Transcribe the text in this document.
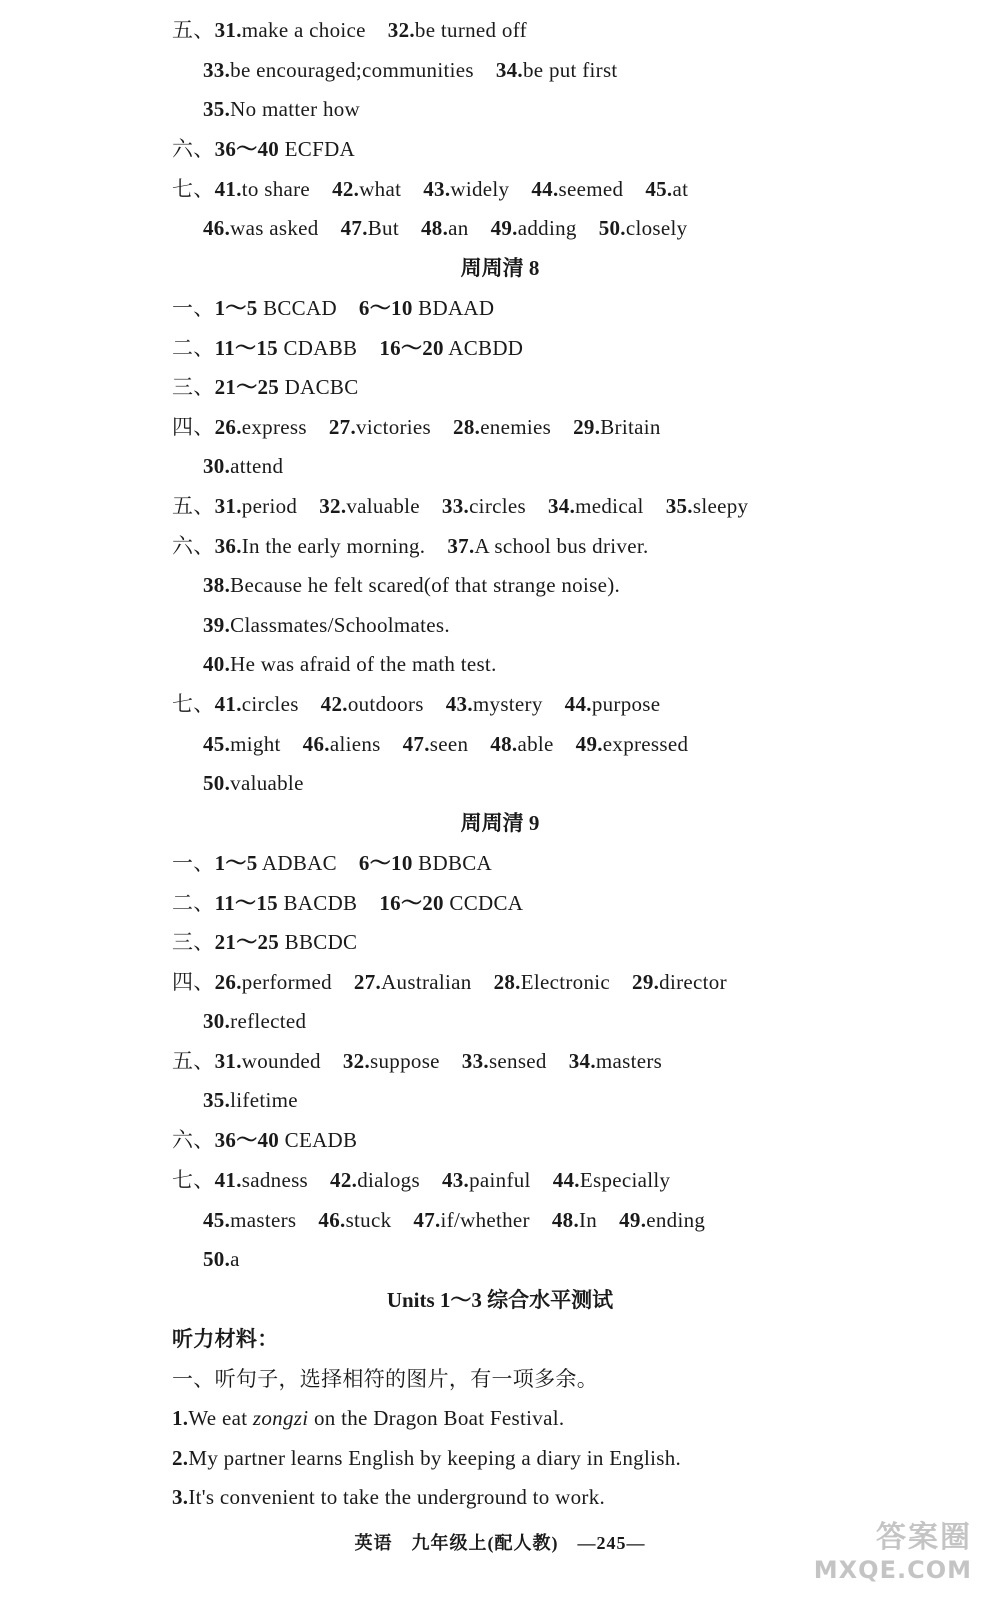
五、31.make a choice 32.be turned off
33.be encouraged;communities 34.be put first
35.No matter how
六、36～40 ECFDA
七、41.to share 42.what 43.widely 44.seemed 45.at
46.was asked 47.But 48.an 49.adding 50.closely
周周清 8
一、1～5 BCCAD 6～10 BDAAD
二、11～15 CDABB 16～20 ACBDD
三、21～25 DACBC
四、26.express 27.victories 28.enemies 29.Britain
30.attend
五、31.period 32.valuable 33.circles 34.medical 35.sleepy
六、36.In the early morning. 37.A school bus driver.
38.Because he felt scared(of that strange noise).
39.Classmates/Schoolmates.
40.He was afraid of the math test.
七、41.circles 42.outdoors 43.mystery 44.purpose
45.might 46.aliens 47.seen 48.able 49.expressed
50.valuable
周周清 9
一、1～5 ADBAC 6～10 BDBCA
二、11～15 BACDB 16～20 CCDCA
三、21～25 BBCDC
四、26.performed 27.Australian 28.Electronic 29.director
30.reflected
五、31.wounded 32.suppose 33.sensed 34.masters
35.lifetime
六、36～40 CEADB
七、41.sadness 42.dialogs 43.painful 44.Especially
45.masters 46.stuck 47.if/whether 48.In 49.ending
50.a
Units 1～3 综合水平测试
听力材料：
一、听句子，选择相符的图片，有一项多余。
1.We eat zongzi on the Dragon Boat Festival.
2.My partner learns English by keeping a diary in English.
3.It's convenient to take the underground to work.
英语　九年级上(配人教)　—245—	答案圈
MXQE.COM
